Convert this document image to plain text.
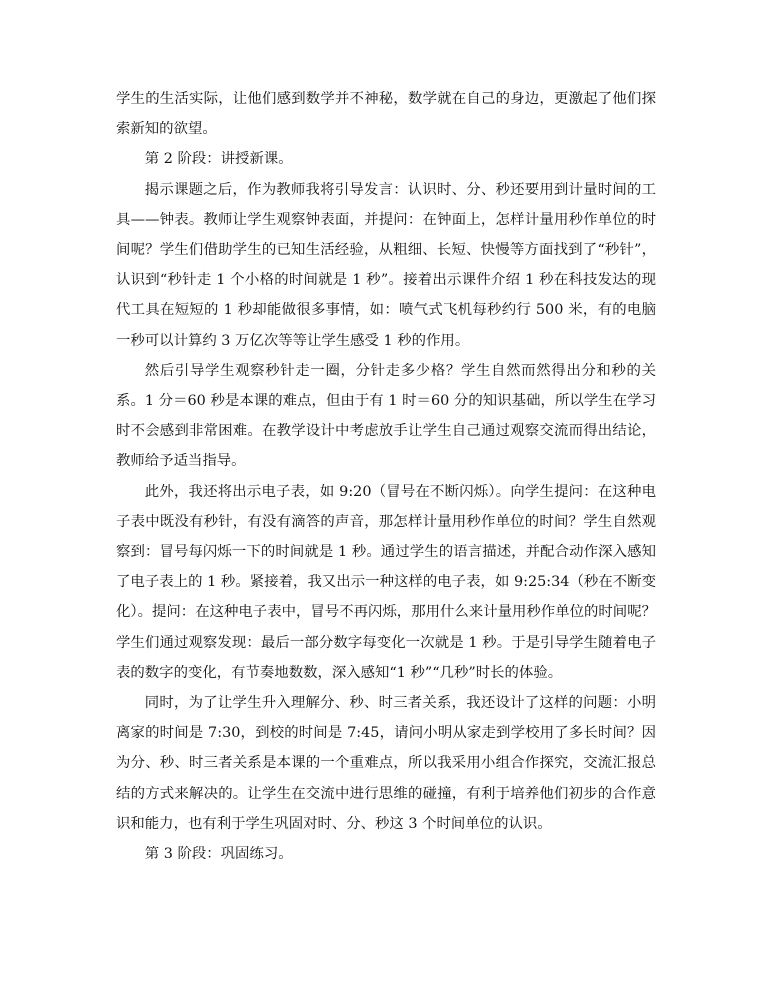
学生的生活实际，让他们感到数学并不神秘，数学就在自己的身边，更激起了他们探索新知的欲望。

第 2 阶段：讲授新课。

揭示课题之后，作为教师我将引导发言：认识时、分、秒还要用到计量时间的工具——钟表。教师让学生观察钟表面，并提问：在钟面上，怎样计量用秒作单位的时间呢？学生们借助学生的已知生活经验，从粗细、长短、快慢等方面找到了“秒针”，认识到“秒针走 1 个小格的时间就是 1 秒”。接着出示课件介绍 1 秒在科技发达的现代工具在短短的 1 秒却能做很多事情，如：喷气式飞机每秒约行 500 米，有的电脑一秒可以计算约 3 万亿次等等让学生感受 1 秒的作用。

然后引导学生观察秒针走一圈，分针走多少格？学生自然而然得出分和秒的关系。1 分＝60 秒是本课的难点，但由于有 1 时＝60 分的知识基础，所以学生在学习时不会感到非常困难。在教学设计中考虑放手让学生自己通过观察交流而得出结论，教师给予适当指导。

此外，我还将出示电子表，如 9:20（冒号在不断闪烁）。向学生提问：在这种电子表中既没有秒针，有没有滴答的声音，那怎样计量用秒作单位的时间？学生自然观察到：冒号每闪烁一下的时间就是 1 秒。通过学生的语言描述，并配合动作深入感知了电子表上的 1 秒。紧接着，我又出示一种这样的电子表，如 9:25:34（秒在不断变化）。提问：在这种电子表中，冒号不再闪烁，那用什么来计量用秒作单位的时间呢？学生们通过观察发现：最后一部分数字每变化一次就是 1 秒。于是引导学生随着电子表的数字的变化，有节奏地数数，深入感知“1 秒”“几秒”时长的体验。

同时，为了让学生升入理解分、秒、时三者关系，我还设计了这样的问题：小明离家的时间是 7:30，到校的时间是 7:45，请问小明从家走到学校用了多长时间？因为分、秒、时三者关系是本课的一个重难点，所以我采用小组合作探究，交流汇报总结的方式来解决的。让学生在交流中进行思维的碰撞，有利于培养他们初步的合作意识和能力，也有利于学生巩固对时、分、秒这 3 个时间单位的认识。

第 3 阶段：巩固练习。
